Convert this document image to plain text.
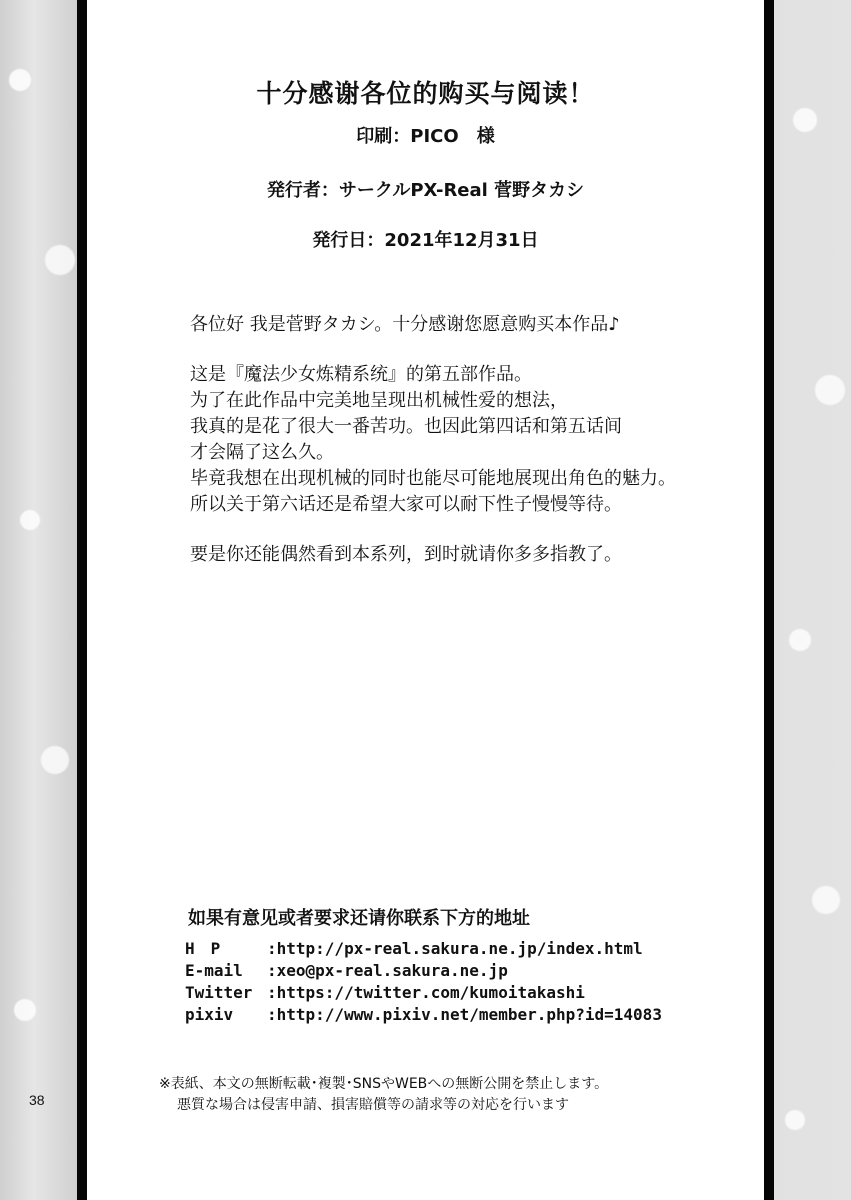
38
十分感谢各位的购买与阅读！
印刷：PICO　様
発行者：サークルPX-Real 菅野タカシ
発行日：2021年12月31日

各位好 我是菅野タカシ。十分感谢您愿意购买本作品♪

这是『魔法少女炼精系统』的第五部作品。
为了在此作品中完美地呈现出机械性爱的想法，
我真的是花了很大一番苦功。也因此第四话和第五话间
才会隔了这么久。
毕竟我想在出现机械的同时也能尽可能地展现出角色的魅力。
所以关于第六话还是希望大家可以耐下性子慢慢等待。

要是你还能偶然看到本系列，到时就请你多多指教了。

如果有意见或者要求还请你联系下方的地址
H　P	:http://px-real.sakura.ne.jp/index.html
E-mail	:xeo@px-real.sakura.ne.jp
Twitter :https://twitter.com/kumoitakashi
pixiv	:http://www.pixiv.net/member.php?id=14083
※表紙、本文の無断転載･複製･SNSやWEBへの無断公開を禁止します。
悪質な場合は侵害申請、損害賠償等の請求等の対応を行います
